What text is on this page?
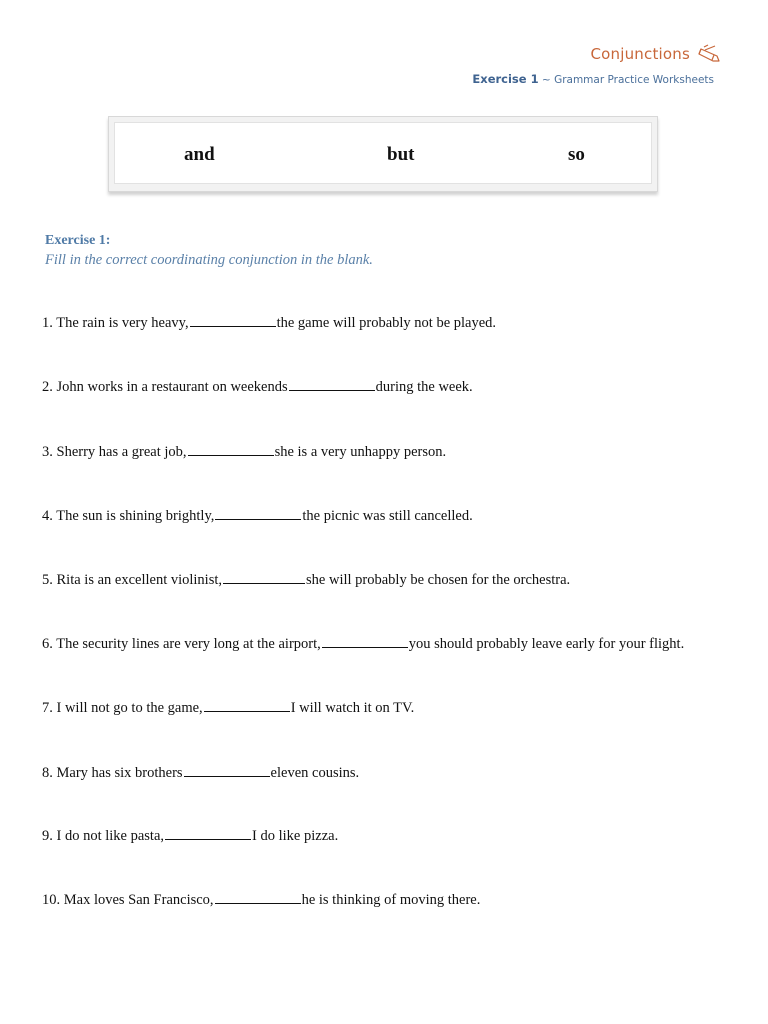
Conjunctions
Exercise 1 ~ Grammar Practice Worksheets
and	but	so
Exercise 1:
Fill in the correct coordinating conjunction in the blank.
1. The rain is very heavy,	the game will probably not be played.
2. John works in a restaurant on weekends	during the week.
3. Sherry has a great job,	she is a very unhappy person.
4. The sun is shining brightly,	the picnic was still cancelled.
5. Rita is an excellent violinist,	she will probably be chosen for the orchestra.
6. The security lines are very long at the airport,	you should probably leave early for your flight.
7. I will not go to the game,	I will watch it on TV.
8. Mary has six brothers	eleven cousins.
9. I do not like pasta,	I do like pizza.
10. Max loves San Francisco,	he is thinking of moving there.
